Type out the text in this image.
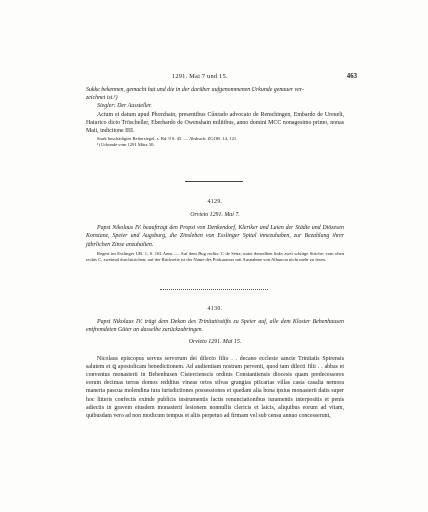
1291. Mai 7 und 15.	463

Sukke bekennen, gemacht hat und die in der darüber aufgenommenen Urkunde genauer ver-

zeichnet ist.¹)

Siegler: Der Aussteller.

Actum et datum apud Phorzhain, presentibus Cůnrado advocato de Remchingen, Embardo de Ureuelt, Haiurico dicto Tröscheller, Eberhardo de Owenshain militibus, anno domini MCC nonagesimo primo, nonas Maii, indictione IIII.

Stark beschädigtes Reitersiegel, s. Bd. 9 S. 45. — Abdruck: ZGOR. 14, 121.

¹) Urkunde vom 1291 März 30.

4129.

Orvieto 1291. Mai 7.

Papst Nikolaus IV. beauftragt den Propst von Denkendorf, Kleriker und Laien der Städte und Diözesen Konstanz, Speier und Augsburg, die Zinsleben von Esslinger Spital innezuhaben, zur Bezahlung ihrer jährlichen Zinse anzuhalten.

Regest im Esslinger UB. 1, S. 102 Anm. — Auf dem Bug rechts: C de Setia; unter denselben links zwei schräge Striche; vom oben rechts C, zweimal durchstrichen; auf der Rückseite ist der Name des Prokurators mit Ausnahme von Alhuncia nicht mehr zu lesen.

4130.

Papst Nikolaus IV. trägt dem Dekan des Trinitatisstifts zu Speier auf, alle dem Kloster Bebenhausen entfremdeten Güter an dasselbe zurückzubringen.

Orvieto 1291. Mai 15.

Nicolaus episcopus servus servorum dei dilecto filio . . decano ecclesie sancte Trinitatis Spirensis salutem et ꝗ apostolicam benedictionem. Ad audientiam nostram pervenit, quod tam dilecti filii . . abbas et conventus monasterii in Bebenhusen Cỉstercienscis ordinis Constantiensis diocesis quam predecessores eorum decimas terras domos redditus vineas ortos silvas grangias pis̄carias villas casta casalia nemora maneria pascua molendina iura iurisdictiones possessiones et quedam alia bona ipsius monasterii datis super hoc litteris confectis exinde publicis instrumentis factis renunciationibus iuramentis interpositis et penis adiectis in gravem eiusdem monasterii lesionem nonnullis clericis et laicis, aliquibus eorum ad vitam, quibusdam vero ad non modicum tempus et aliis perpetuo ad firmam vel sub censu annuo concesserunt,
